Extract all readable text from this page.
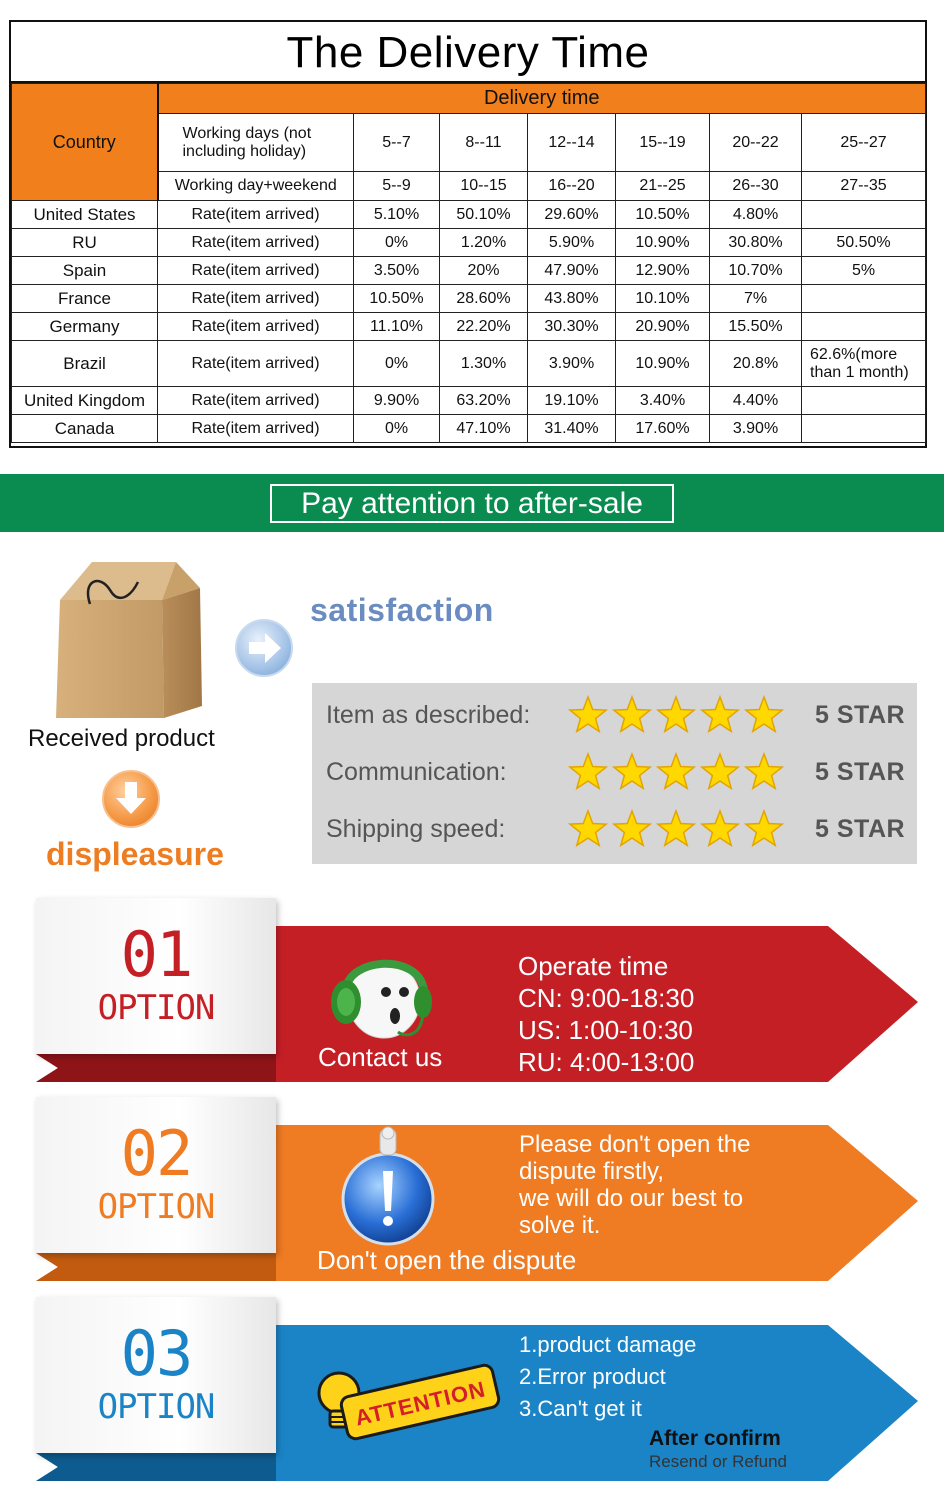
The Delivery Time
Country	Delivery time						
	Working days (not including holiday)	5--7	8--11	12--14	15--19	20--22	25--27
	Working day+weekend	5--9	10--15	16--20	21--25	26--30	27--35
United States	Rate(item arrived)	5.10%	50.10%	29.60%	10.50%	4.80%	
RU	Rate(item arrived)	0%	1.20%	5.90%	10.90%	30.80%	50.50%
Spain	Rate(item arrived)	3.50%	20%	47.90%	12.90%	10.70%	5%
France	Rate(item arrived)	10.50%	28.60%	43.80%	10.10%	7%	
Germany	Rate(item arrived)	11.10%	22.20%	30.30%	20.90%	15.50%	
Brazil	Rate(item arrived)	0%	1.30%	3.90%	10.90%	20.8%	62.6%(more than 1 month)
United Kingdom	Rate(item arrived)	9.90%	63.20%	19.10%	3.40%	4.40%	
Canada	Rate(item arrived)	0%	47.10%	31.40%	17.60%	3.90%	
Pay attention to after-sale
Received product
satisfaction
displeasure
Item as described:	5 STAR
Communication:	5 STAR
Shipping speed:	5 STAR
01
OPTION
Contact us
Operate time
CN: 9:00-18:30
US: 1:00-10:30
RU: 4:00-13:00
02
OPTION
Don't open the dispute
Please don't open the
dispute firstly,
we will do our best to
solve it.
03
OPTION	ATTENTION
1.product damage
2.Error product
3.Can't get it
After confirm
Resend or Refund
